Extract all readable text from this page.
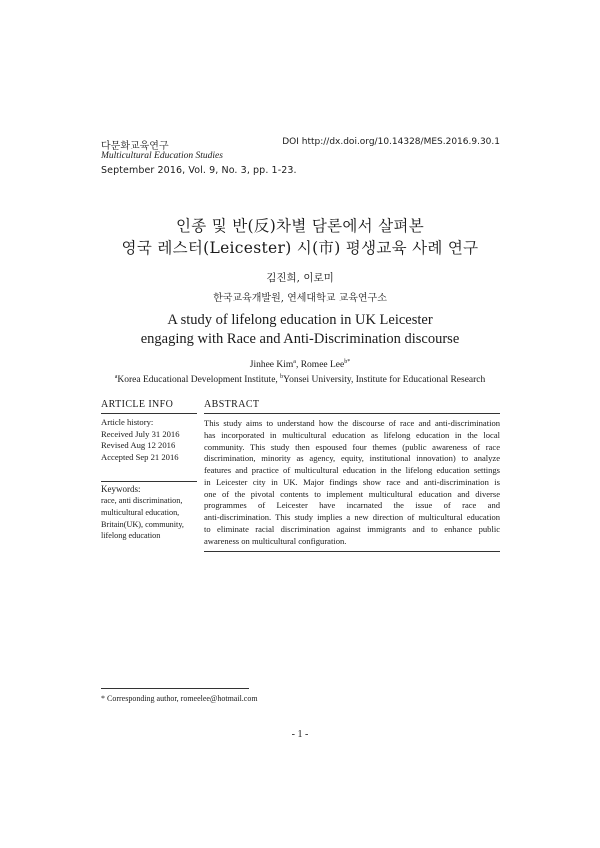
다문화교육연구	DOI http://dx.doi.org/10.14328/MES.2016.9.30.1
Multicultural Education Studies
September 2016, Vol. 9, No. 3, pp. 1-23.
인종 및 반(反)차별 담론에서 살펴본
영국 레스터(Leicester) 시(市) 평생교육 사례 연구
김진희, 이로미
한국교육개발원, 연세대학교 교육연구소
A study of lifelong education in UK Leicester
engaging with Race and Anti-Discrimination discourse
Jinhee Kim$^a$, Romee Lee$^{b*}$
$^a$Korea Educational Development Institute, $^b$Yonsei University, Institute for Educational Research
ARTICLE INFO
Article history:
Received July 31 2016
Revised Aug 12 2016
Accepted Sep 21 2016
Keywords:
race, anti discrimination,
multicultural education,
Britain(UK), community,
lifelong education
ABSTRACT
This study aims to understand how the discourse of race and anti-discrimination
has incorporated in multicultural education as lifelong education in the local
community. This study then espoused four themes (public awareness of race
discrimination, minority as agency, equity, institutional innovation) to analyze
features and practice of multicultural education in the lifelong education settings
in Leicester city in UK. Major findings show race and anti-discrimination is
one of the pivotal contents to implement multicultural education and diverse
programmes of Leicester have incarnated the issue of race and
anti-discrimination. This study implies a new direction of multicultural education
to eliminate racial discrimination against immigrants and to enhance public
awareness on multicultural configuration.
* Corresponding author, romeelee@hotmail.com
- 1 -
